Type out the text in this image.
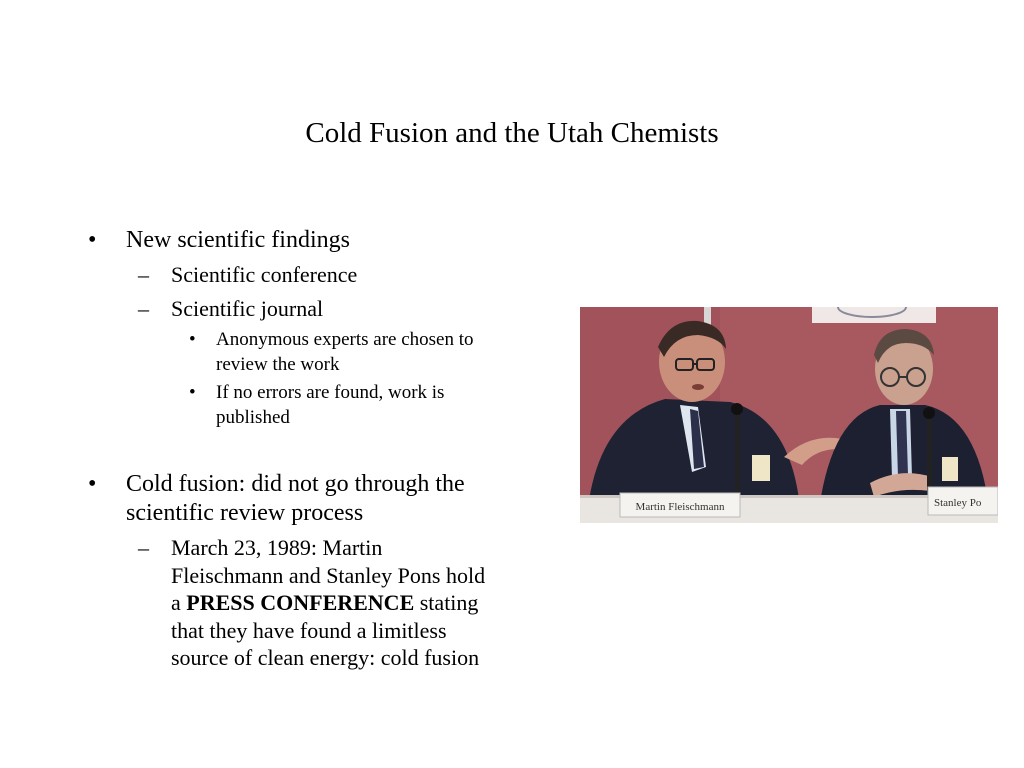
Cold Fusion and the Utah Chemists
• New scientific findings
– Scientific conference
– Scientific journal
• Anonymous experts are chosen to
review the work
• If no errors are found, work is
published
• Cold fusion: did not go through the
scientific review process
– March 23, 1989: Martin
Fleischmann and Stanley Pons hold
a PRESS CONFERENCE stating
that they have found a limitless
source of clean energy: cold fusion
Martin Fleischmann	Stanley Po
